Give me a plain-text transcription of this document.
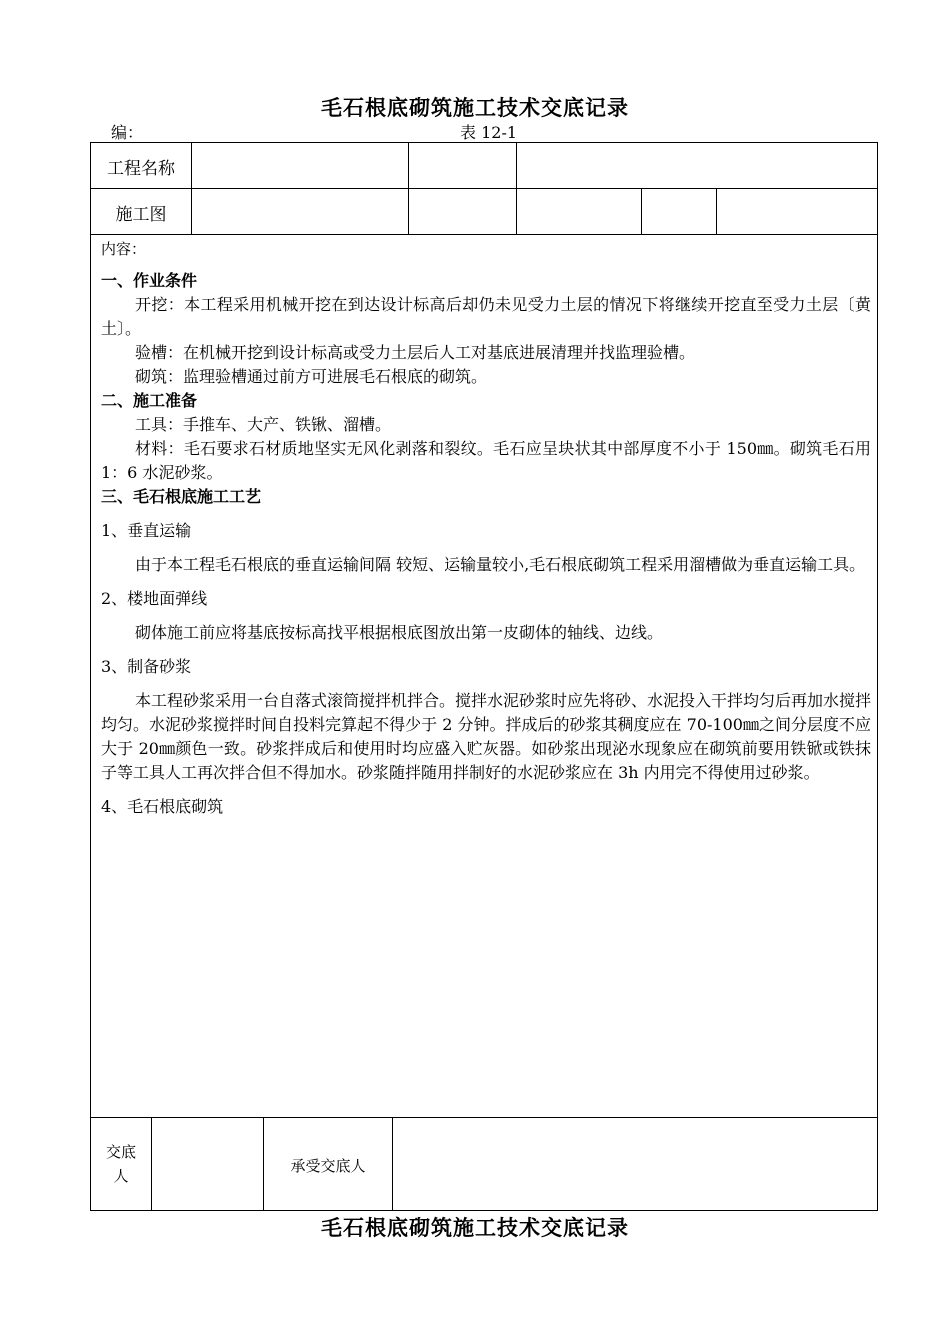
毛石根底砌筑施工技术交底记录
编：	表 12-1
工程名称
施工图
内容：
一、作业条件
开挖：本工程采用机械开挖在到达设计标高后却仍未见受力土层的情况下将继续开挖直至受力土层〔黄土〕。
验槽：在机械开挖到设计标高或受力土层后人工对基底进展清理并找监理验槽。
砌筑：监理验槽通过前方可进展毛石根底的砌筑。
二、施工准备
工具：手推车、大产、铁锹、溜槽。
材料：毛石要求石材质地坚实无风化剥落和裂纹。毛石应呈块状其中部厚度不小于 150㎜。砌筑毛石用 1：6 水泥砂浆。
三、毛石根底施工工艺
1、垂直运输
由于本工程毛石根底的垂直运输间隔 较短、运输量较小,毛石根底砌筑工程采用溜槽做为垂直运输工具。
2、楼地面弹线
砌体施工前应将基底按标高找平根据根底图放出第一皮砌体的轴线、边线。
3、制备砂浆
本工程砂浆采用一台自落式滚筒搅拌机拌合。搅拌水泥砂浆时应先将砂、水泥投入干拌均匀后再加水搅拌均匀。水泥砂浆搅拌时间自投料完算起不得少于 2 分钟。拌成后的砂浆其稠度应在 70-100㎜之间分层度不应大于 20㎜颜色一致。砂浆拌成后和使用时均应盛入贮灰器。如砂浆出现泌水现象应在砌筑前要用铁锨或铁抹子等工具人工再次拌合但不得加水。砂浆随拌随用拌制好的水泥砂浆应在 3h 内用完不得使用过砂浆。
4、毛石根底砌筑
交底人
承受交底人
毛石根底砌筑施工技术交底记录
